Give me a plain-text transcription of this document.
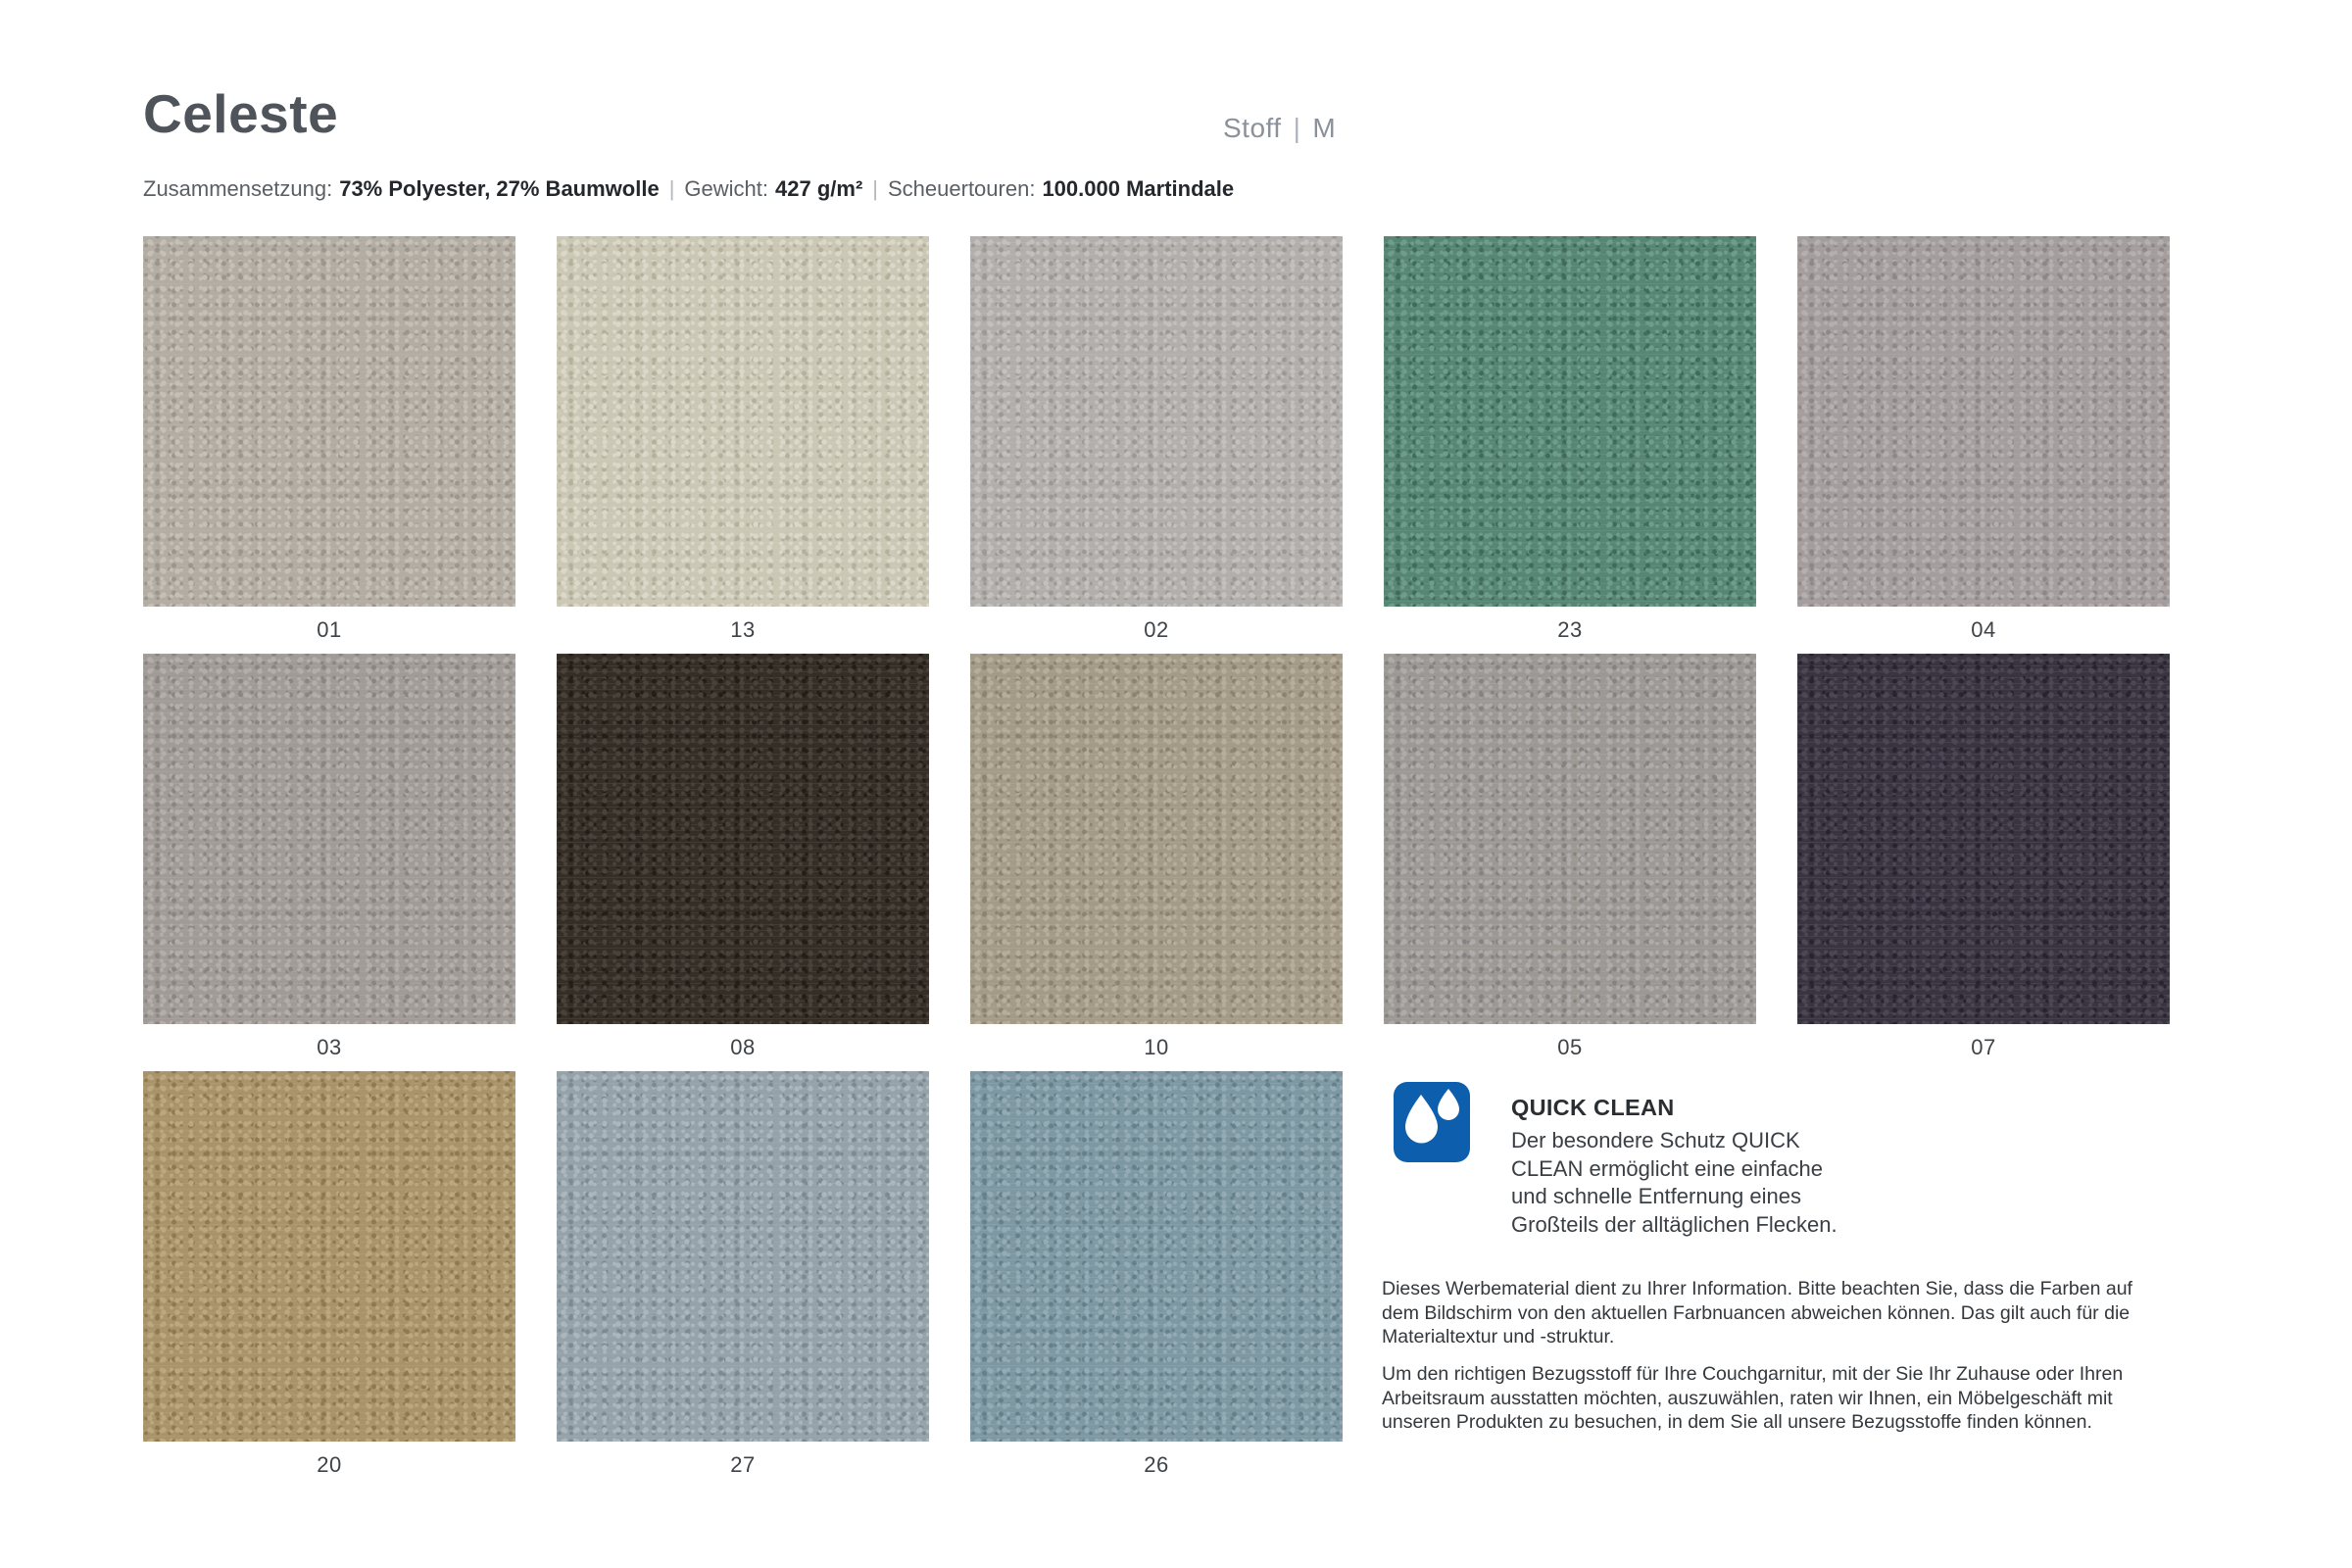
Celeste	Stoff | M

Zusammensetzung: 73% Polyester, 27% Baumwolle | Gewicht: 427 g/m² | Scheuertouren: 100.000 Martindale

01	13	02	23	04
03	08	10	05	07
20	27	26
QUICK CLEAN
Der besondere Schutz QUICK
CLEAN ermöglicht eine einfache
und schnelle Entfernung eines
Großteils der alltäglichen Flecken.

Dieses Werbematerial dient zu Ihrer Information. Bitte beachten Sie, dass die Farben auf dem Bildschirm von den aktuellen Farbnuancen abweichen können. Das gilt auch für die Materialtextur und -struktur.

Um den richtigen Bezugsstoff für Ihre Couchgarnitur, mit der Sie Ihr Zuhause oder Ihren Arbeitsraum ausstatten möchten, auszuwählen, raten wir Ihnen, ein Möbelgeschäft mit unseren Produkten zu besuchen, in dem Sie all unsere Bezugsstoffe finden können.
